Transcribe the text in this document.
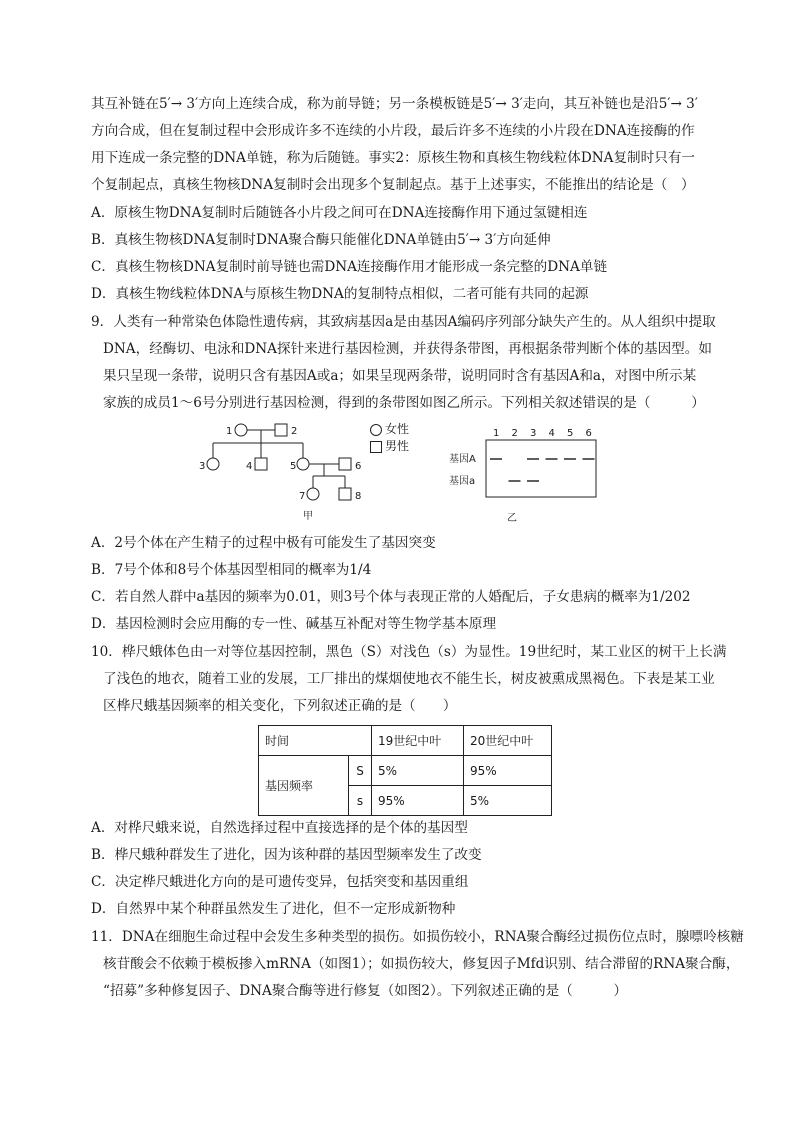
其互补链在5′→ 3′方向上连续合成，称为前导链；另一条模板链是5′→ 3′走向，其互补链也是沿5′→ 3′
方向合成，但在复制过程中会形成许多不连续的小片段，最后许多不连续的小片段在DNA连接酶的作
用下连成一条完整的DNA单链，称为后随链。事实2：原核生物和真核生物线粒体DNA复制时只有一
个复制起点，真核生物核DNA复制时会出现多个复制起点。基于上述事实，不能推出的结论是（　）
A．原核生物DNA复制时后随链各小片段之间可在DNA连接酶作用下通过氢键相连
B．真核生物核DNA复制时DNA聚合酶只能催化DNA单链由5′→ 3′方向延伸
C．真核生物核DNA复制时前导链也需DNA连接酶作用才能形成一条完整的DNA单链
D．真核生物线粒体DNA与原核生物DNA的复制特点相似，二者可能有共同的起源
9．人类有一种常染色体隐性遗传病，其致病基因a是由基因A编码序列部分缺失产生的。从人组织中提取
DNA，经酶切、电泳和DNA探针来进行基因检测，并获得条带图，再根据条带判断个体的基因型。如
果只呈现一条带，说明只含有基因A或a；如果呈现两条带，说明同时含有基因A和a，对图中所示某
家族的成员1～6号分别进行基因检测，得到的条带图如图乙所示。下列相关叙述错误的是（　　　）
1	2
3	4	5	6
7	8
甲
女性
男性
1 2 3 4 5 6
基因A
基因a
乙
A．2号个体在产生精子的过程中极有可能发生了基因突变
B．7号个体和8号个体基因型相同的概率为1/4
C．若自然人群中a基因的频率为0.01，则3号个体与表现正常的人婚配后，子女患病的概率为1/202
D．基因检测时会应用酶的专一性、碱基互补配对等生物学基本原理
10．桦尺蛾体色由一对等位基因控制，黑色（S）对浅色（s）为显性。19世纪时，某工业区的树干上长满
了浅色的地衣，随着工业的发展，工厂排出的煤烟使地衣不能生长，树皮被熏成黑褐色。下表是某工业
区桦尺蛾基因频率的相关变化，下列叙述正确的是（　　）
时间		19世纪中叶	20世纪中叶
基因频率	S	5%	95%
	s	95%	5%
A．对桦尺蛾来说，自然选择过程中直接选择的是个体的基因型
B．桦尺蛾种群发生了进化，因为该种群的基因型频率发生了改变
C．决定桦尺蛾进化方向的是可遗传变异，包括突变和基因重组
D．自然界中某个种群虽然发生了进化，但不一定形成新物种
11．DNA在细胞生命过程中会发生多种类型的损伤。如损伤较小，RNA聚合酶经过损伤位点时，腺嘌呤核糖
核苷酸会不依赖于模板掺入mRNA（如图1）；如损伤较大，修复因子Mfd识别、结合滞留的RNA聚合酶，
“招募”多种修复因子、DNA聚合酶等进行修复（如图2）。下列叙述正确的是（　　　）
